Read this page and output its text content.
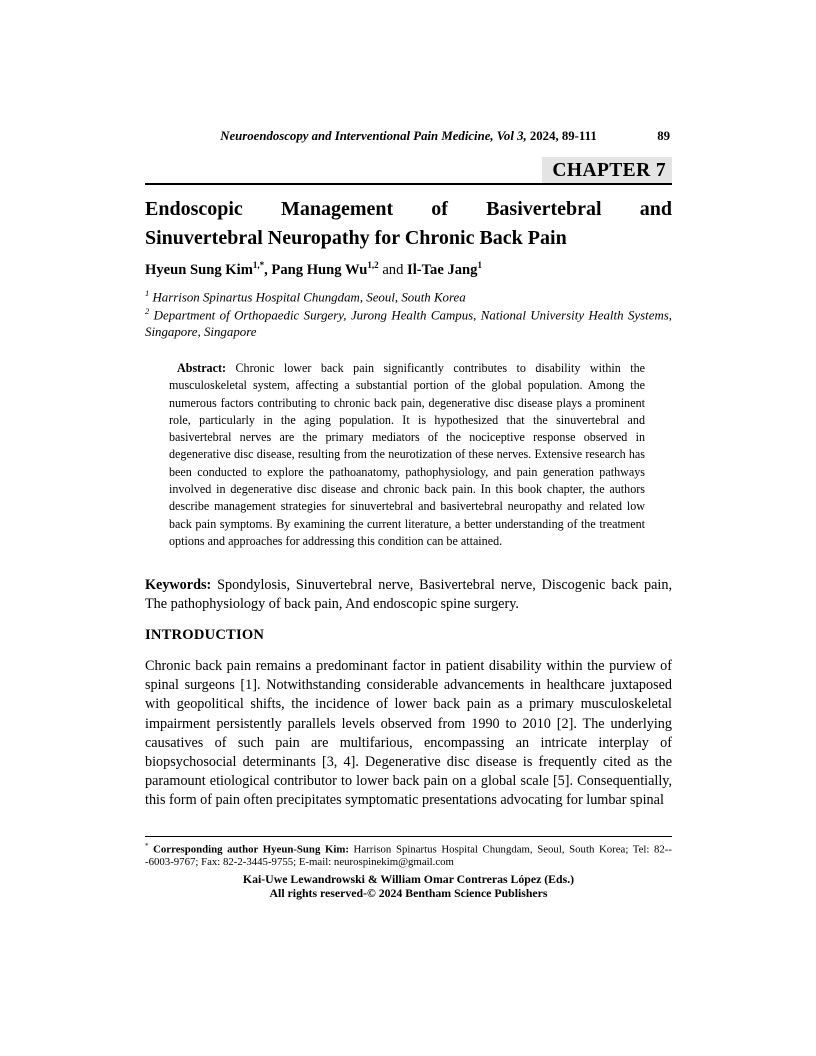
Neuroendoscopy and Interventional Pain Medicine, Vol 3, 2024, 89-111	89
CHAPTER 7
Endoscopic Management of Basivertebral and
Sinuvertebral Neuropathy for Chronic Back Pain
Hyeun Sung Kim$^{1,*}$, Pang Hung Wu$^{1,2}$ and Il-Tae Jang$^1$
$^1$ Harrison Spinartus Hospital Chungdam, Seoul, South Korea
$^2$ Department of Orthopaedic Surgery, Jurong Health Campus, National University Health Systems, Singapore, Singapore
Abstract: Chronic lower back pain significantly contributes to disability within the musculoskeletal system, affecting a substantial portion of the global population. Among the numerous factors contributing to chronic back pain, degenerative disc disease plays a prominent role, particularly in the aging population. It is hypothesized that the sinuvertebral and basivertebral nerves are the primary mediators of the nociceptive response observed in degenerative disc disease, resulting from the neurotization of these nerves. Extensive research has been conducted to explore the pathoanatomy, pathophysiology, and pain generation pathways involved in degenerative disc disease and chronic back pain. In this book chapter, the authors describe management strategies for sinuvertebral and basivertebral neuropathy and related low back pain symptoms. By examining the current literature, a better understanding of the treatment options and approaches for addressing this condition can be attained.
Keywords: Spondylosis, Sinuvertebral nerve, Basivertebral nerve, Discogenic back pain, The pathophysiology of back pain, And endoscopic spine surgery.
INTRODUCTION
Chronic back pain remains a predominant factor in patient disability within the purview of spinal surgeons [1]. Notwithstanding considerable advancements in healthcare juxtaposed with geopolitical shifts, the incidence of lower back pain as a primary musculoskeletal impairment persistently parallels levels observed from 1990 to 2010 [2]. The underlying causatives of such pain are multifarious, encompassing an intricate interplay of biopsychosocial determinants [3, 4]. Degenerative disc disease is frequently cited as the paramount etiological contributor to lower back pain on a global scale [5]. Consequentially, this form of pain often precipitates symptomatic presentations advocating for lumbar spinal
* Corresponding author Hyeun-Sung Kim: Harrison Spinartus Hospital Chungdam, Seoul, South Korea; Tel: 82---6003-9767; Fax: 82-2-3445-9755; E-mail: neurospinekim@gmail.com
Kai-Uwe Lewandrowski & William Omar Contreras López (Eds.)
All rights reserved-© 2024 Bentham Science Publishers
